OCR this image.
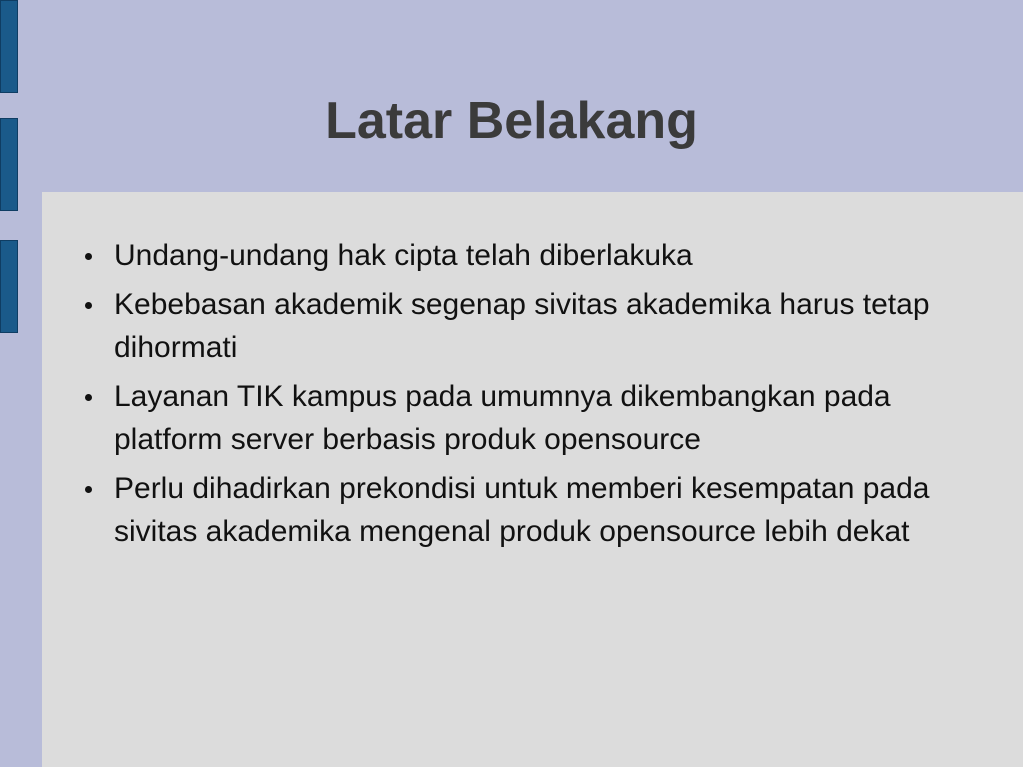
Latar Belakang
Undang-undang hak cipta telah diberlakuka
Kebebasan akademik segenap sivitas akademika harus tetap dihormati
Layanan TIK kampus pada umumnya dikembangkan pada platform server berbasis produk opensource
Perlu dihadirkan prekondisi untuk memberi kesempatan pada sivitas akademika mengenal produk opensource lebih dekat
